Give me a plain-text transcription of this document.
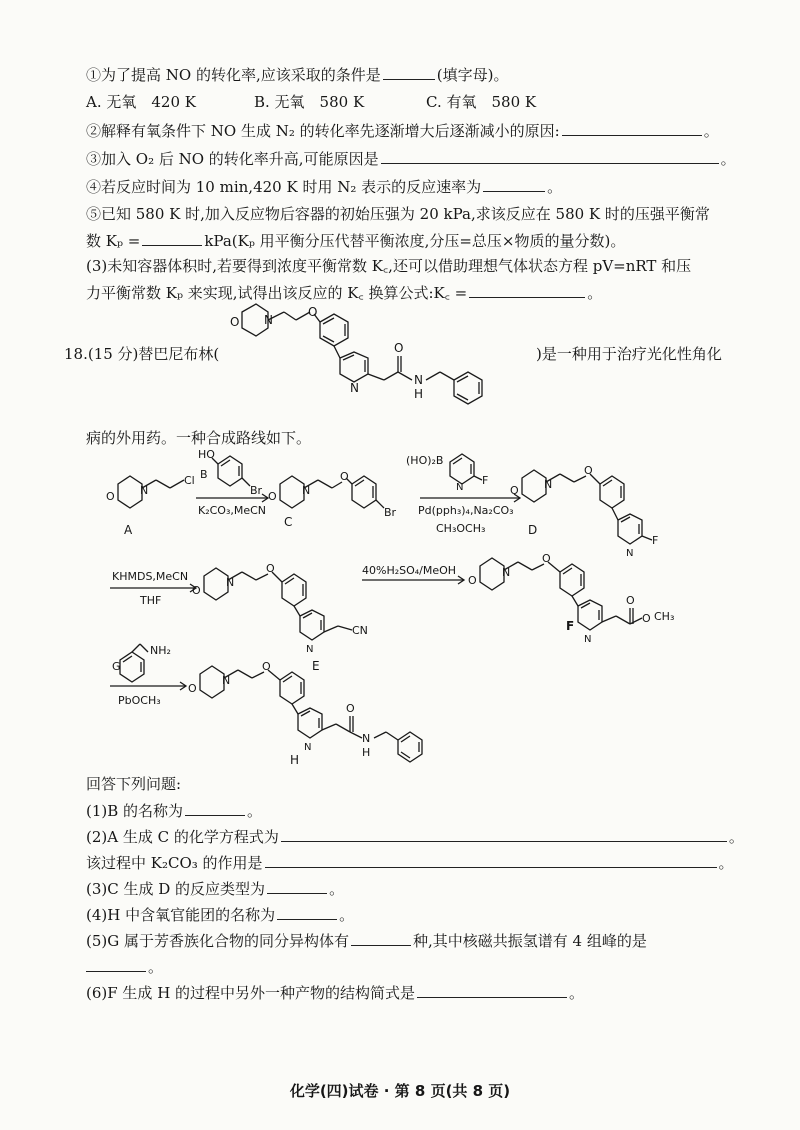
①为了提高 NO 的转化率,应该采取的条件是	(填字母)。
A. 无氧　420 K	B. 无氧　580 K	C. 有氧　580 K
②解释有氧条件下 NO 生成 N₂ 的转化率先逐渐增大后逐渐减小的原因:	。
③加入 O₂ 后 NO 的转化率升高,可能原因是	。
④若反应时间为 10 min,420 K 时用 N₂ 表示的反应速率为	。
⑤已知 580 K 时,加入反应物后容器的初始压强为 20 kPa,求该反应在 580 K 时的压强平衡常
数 Kₚ =	kPa(Kₚ 用平衡分压代替平衡浓度,分压=总压×物质的量分数)。
(3)未知容器体积时,若要得到浓度平衡常数 K꜀,还可以借助理想气体状态方程 pV=nRT 和压
力平衡常数 Kₚ 来实现,试得出该反应的 K꜀ 换算公式:K꜀ =	。
18.(15 分)替巴尼布林(	)是一种用于治疗光化性角化
O N
O
N
O
N
H
病的外用药。一种合成路线如下。
O N
Cl
A
HO
B
Br
K₂CO₃,MeCN
O N
O
Br
C
(HO)₂B
N
F
Pd(pph₃)₄,Na₂CO₃
CH₃OCH₃
O N
O
N
F
D
KHMDS,MeCN
THF
O
N
O
N
CN
E
40%H₂SO₄/MeOH
O
N
O
N
O
O CH₃
F
G
NH₂
PbOCH₃
O
N
O
N
O
N
H
H
回答下列问题:
(1)B 的名称为	。
(2)A 生成 C 的化学方程式为	。
该过程中 K₂CO₃ 的作用是	。
(3)C 生成 D 的反应类型为	。
(4)H 中含氧官能团的名称为	。
(5)G 属于芳香族化合物的同分异构体有	种,其中核磁共振氢谱有 4 组峰的是
。
(6)F 生成 H 的过程中另外一种产物的结构简式是	。
化学(四)试卷 · 第 8 页(共 8 页)
